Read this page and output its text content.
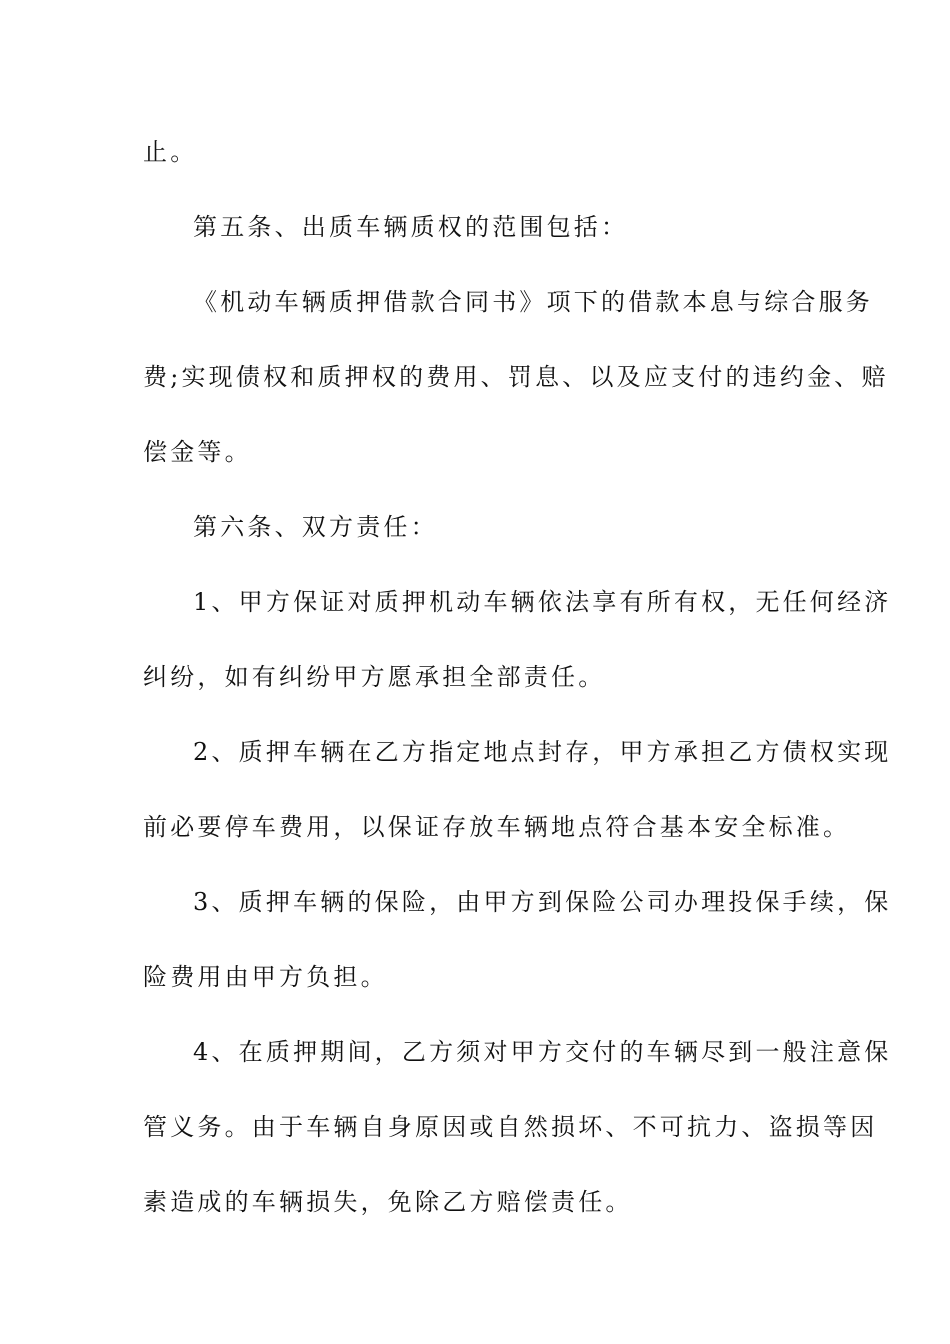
止。
第五条、出质车辆质权的范围包括：
《机动车辆质押借款合同书》项下的借款本息与综合服务
费;实现债权和质押权的费用、罚息、以及应支付的违约金、赔
偿金等。
第六条、双方责任：
1、甲方保证对质押机动车辆依法享有所有权，无任何经济
纠纷，如有纠纷甲方愿承担全部责任。
2、质押车辆在乙方指定地点封存，甲方承担乙方债权实现
前必要停车费用，以保证存放车辆地点符合基本安全标准。
3、质押车辆的保险，由甲方到保险公司办理投保手续，保
险费用由甲方负担。
4、在质押期间，乙方须对甲方交付的车辆尽到一般注意保
管义务。由于车辆自身原因或自然损坏、不可抗力、盗损等因
素造成的车辆损失，免除乙方赔偿责任。
